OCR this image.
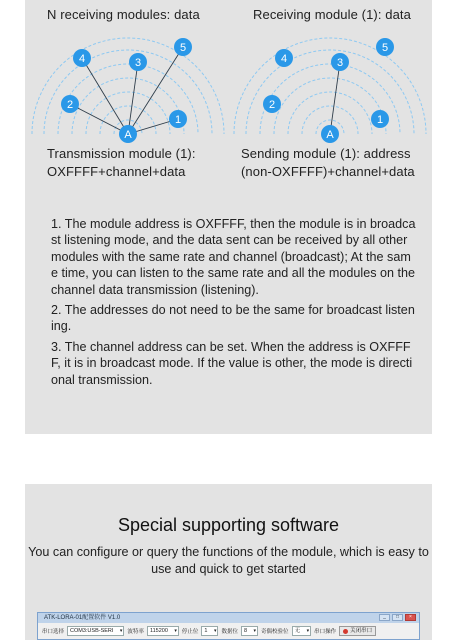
N receiving modules: data
1
2
3
4
5
A
Transmission module (1):
OXFFFF+channel+data
Receiving module (1): data
1
2
3
4
5
A
Sending module (1): address
(non-OXFFFF)+channel+data

1. The module address is OXFFFF, then the module is in broadcast listening mode, and the data sent can be received by all other modules with the same rate and channel (broadcast); At the same time, you can listen to the same rate and all the modules on the channel data transmission (listening).

2. The addresses do not need to be the same for broadcast listening.

3. The channel address can be set. When the address is OXFFFF, it is in broadcast mode. If the value is other, the mode is directional transmission.

Special supporting software
You can configure or query the functions of the module, which is easy to use and quick to get started
ATK-LORA-01配置软件 V1.0	_	□	×
串口选择	COM3:USB-SERI ▾	波特率	115200 ▾	停止位	1 ▾	数据位	8 ▾	奇偶校验位	无 ▾	串口操作	关闭串口
